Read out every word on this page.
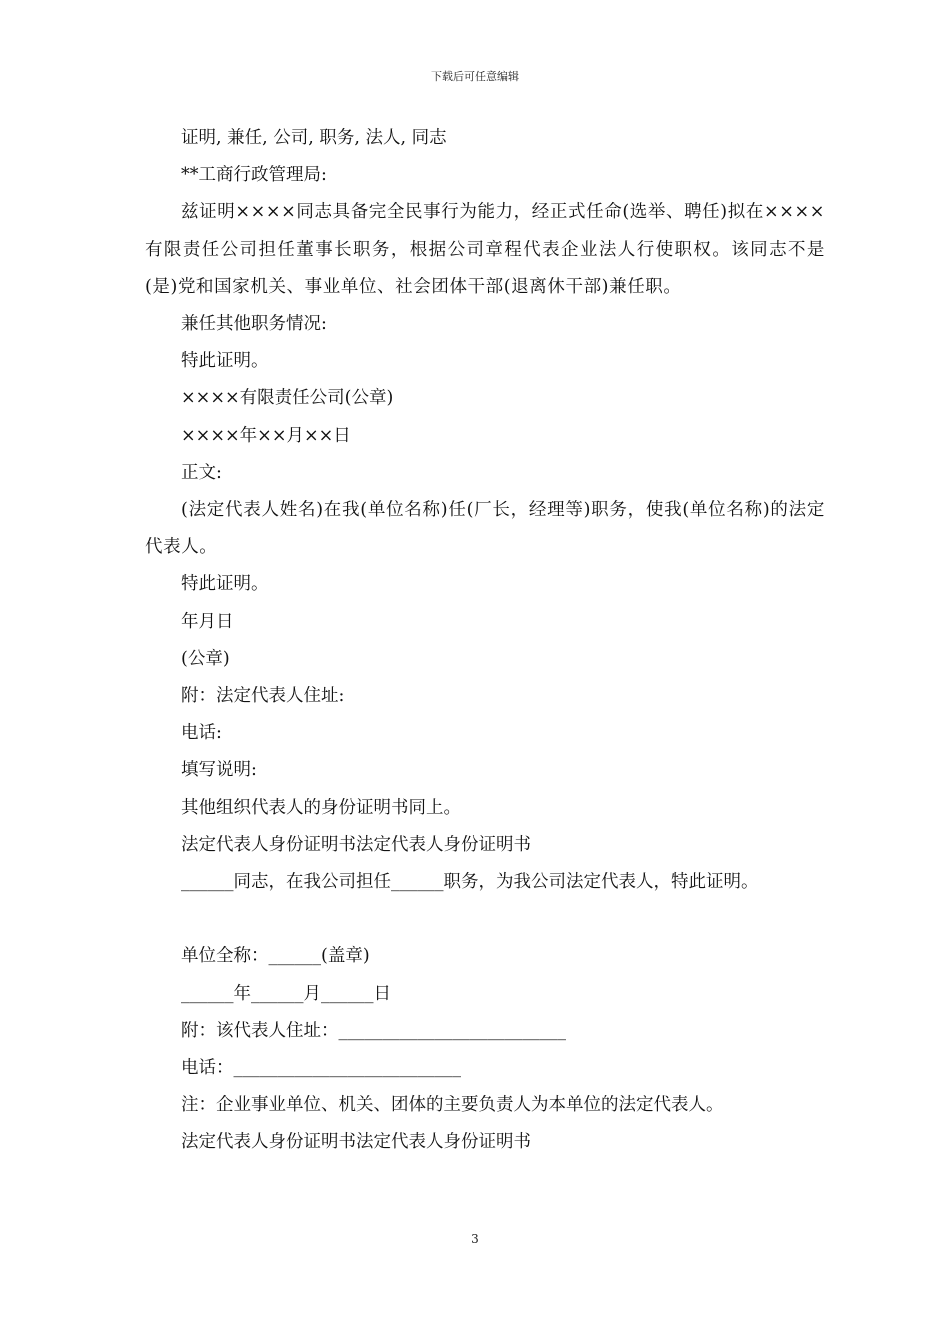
下载后可任意编辑

证明, 兼任, 公司, 职务, 法人, 同志

**工商行政管理局:

兹证明××××同志具备完全民事行为能力，经正式任命(选举、聘任)拟在××××有限责任公司担任董事长职务，根据公司章程代表企业法人行使职权。该同志不是(是)党和国家机关、事业单位、社会团体干部(退离休干部)兼任职。

兼任其他职务情况:

特此证明。

××××有限责任公司(公章)

××××年××月××日

正文:

(法定代表人姓名)在我(单位名称)任(厂长，经理等)职务，使我(单位名称)的法定代表人。

特此证明。

年月日

(公章)

附：法定代表人住址:

电话:

填写说明:

其他组织代表人的身份证明书同上。

法定代表人身份证明书法定代表人身份证明书

______同志，在我公司担任______职务，为我公司法定代表人，特此证明。

单位全称：______(盖章)

______年______月______日

附：该代表人住址：__________________________

电话：__________________________

注：企业事业单位、机关、团体的主要负责人为本单位的法定代表人。

法定代表人身份证明书法定代表人身份证明书

3
